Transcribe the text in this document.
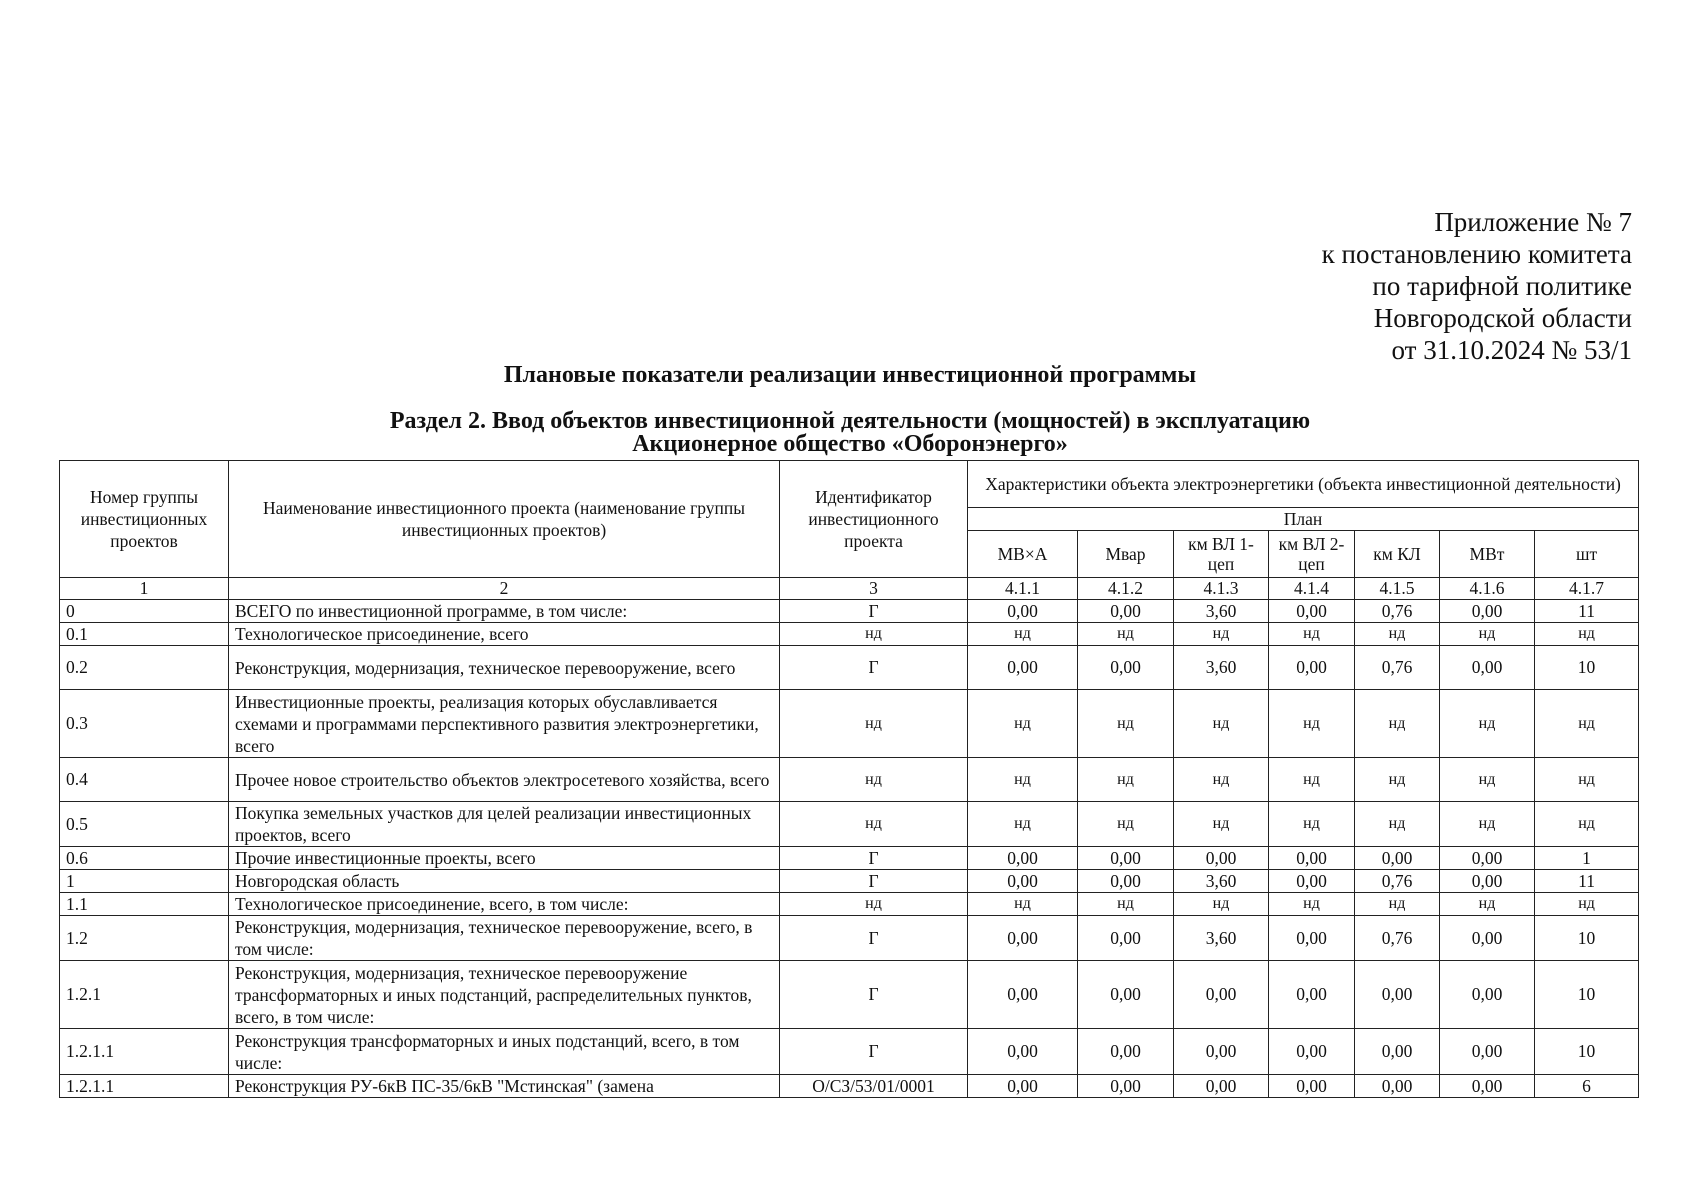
Приложение № 7
к постановлению комитета
по тарифной политике
Новгородской области
от 31.10.2024 № 53/1
Плановые показатели реализации инвестиционной программы
Раздел 2. Ввод объектов инвестиционной деятельности (мощностей) в эксплуатацию
Акционерное общество «Оборонэнерго»
Номер группы инвестиционных проектов	Наименование инвестиционного проекта (наименование группы инвестиционных проектов)	Идентификатор инвестиционного проекта	Характеристики объекта электроэнергетики (объекта инвестиционной деятельности)						
			План						
			МВ×А	Мвар	км ВЛ 1-цеп	км ВЛ 2-цеп	км КЛ	МВт	шт
1	2	3	4.1.1	4.1.2	4.1.3	4.1.4	4.1.5	4.1.6	4.1.7
0	ВСЕГО по инвестиционной программе, в том числе:	Г	0,00	0,00	3,60	0,00	0,76	0,00	11
0.1	Технологическое присоединение, всего	нд	нд	нд	нд	нд	нд	нд	нд
0.2	Реконструкция, модернизация, техническое перевооружение, всего	Г	0,00	0,00	3,60	0,00	0,76	0,00	10
0.3	Инвестиционные проекты, реализация которых обуславливается схемами и программами перспективного развития электроэнергетики, всего	нд	нд	нд	нд	нд	нд	нд	нд
0.4	Прочее новое строительство объектов электросетевого хозяйства, всего	нд	нд	нд	нд	нд	нд	нд	нд
0.5	Покупка земельных участков для целей реализации инвестиционных проектов, всего	нд	нд	нд	нд	нд	нд	нд	нд
0.6	Прочие инвестиционные проекты, всего	Г	0,00	0,00	0,00	0,00	0,00	0,00	1
1	Новгородская область	Г	0,00	0,00	3,60	0,00	0,76	0,00	11
1.1	Технологическое присоединение, всего, в том числе:	нд	нд	нд	нд	нд	нд	нд	нд
1.2	Реконструкция, модернизация, техническое перевооружение, всего, в том числе:	Г	0,00	0,00	3,60	0,00	0,76	0,00	10
1.2.1	Реконструкция, модернизация, техническое перевооружение трансформаторных и иных подстанций, распределительных пунктов, всего, в том числе:	Г	0,00	0,00	0,00	0,00	0,00	0,00	10
1.2.1.1	Реконструкция трансформаторных и иных подстанций, всего, в том числе:	Г	0,00	0,00	0,00	0,00	0,00	0,00	10
1.2.1.1	Реконструкция РУ-6кВ ПС-35/6кВ "Мстинская" (замена	O/СЗ/53/01/0001	0,00	0,00	0,00	0,00	0,00	0,00	6
